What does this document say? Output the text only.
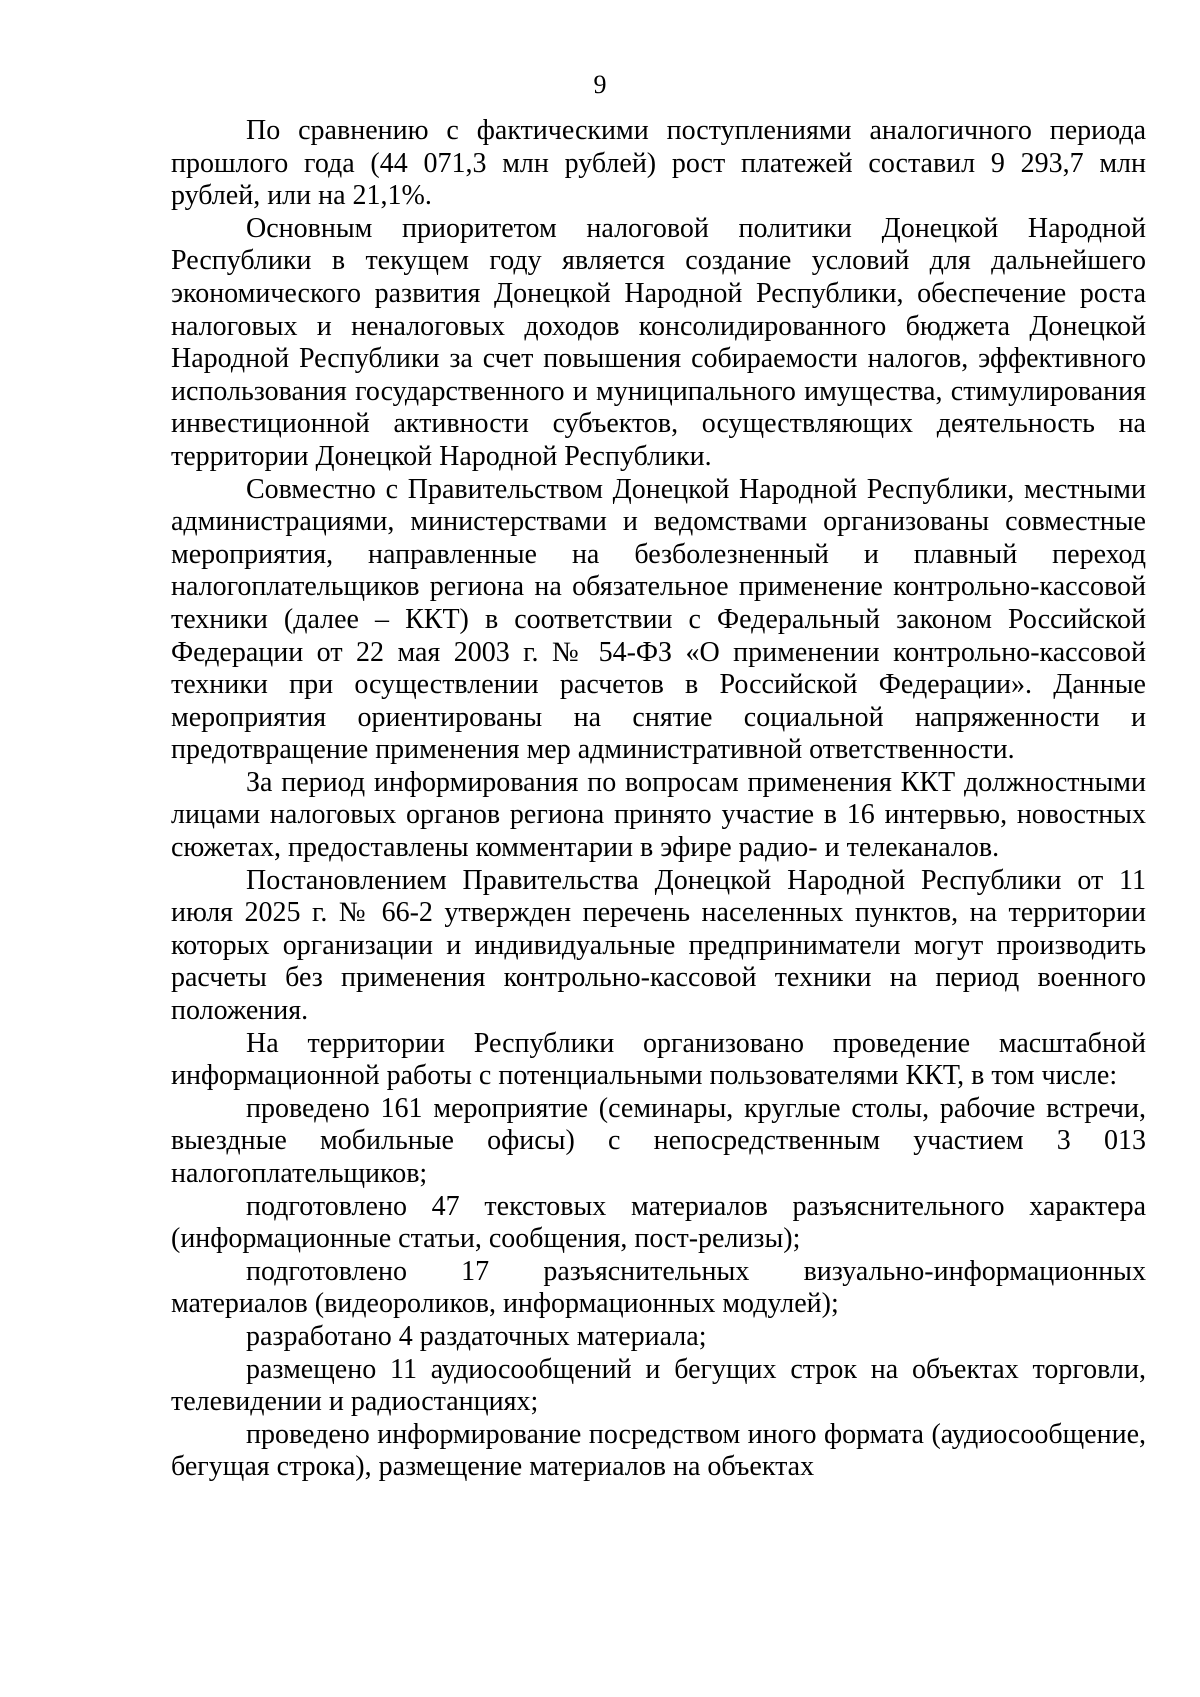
9

По сравнению с фактическими поступлениями аналогичного периода прошлого года (44 071,3 млн рублей) рост платежей составил 9 293,7 млн рублей, или на 21,1%.

Основным приоритетом налоговой политики Донецкой Народной Республики в текущем году является создание условий для дальнейшего экономического развития Донецкой Народной Республики, обеспечение роста налоговых и неналоговых доходов консолидированного бюджета Донецкой Народной Республики за счет повышения собираемости налогов, эффективного использования государственного и муниципального имущества, стимулирования инвестиционной активности субъектов, осуществляющих деятельность на территории Донецкой Народной Республики.

Совместно с Правительством Донецкой Народной Республики, местными администрациями, министерствами и ведомствами организованы совместные мероприятия, направленные на безболезненный и плавный переход налогоплательщиков региона на обязательное применение контрольно-кассовой техники (далее – ККТ) в соответствии с Федеральный законом Российской Федерации от 22 мая 2003 г. № 54-ФЗ «О применении контрольно-кассовой техники при осуществлении расчетов в Российской Федерации». Данные мероприятия ориентированы на снятие социальной напряженности и предотвращение применения мер административной ответственности.

За период информирования по вопросам применения ККТ должностными лицами налоговых органов региона принято участие в 16 интервью, новостных сюжетах, предоставлены комментарии в эфире радио- и телеканалов.

Постановлением Правительства Донецкой Народной Республики от 11 июля 2025 г. № 66-2 утвержден перечень населенных пунктов, на территории которых организации и индивидуальные предприниматели могут производить расчеты без применения контрольно-кассовой техники на период военного положения.

На территории Республики организовано проведение масштабной информационной работы с потенциальными пользователями ККТ, в том числе:

проведено 161 мероприятие (семинары, круглые столы, рабочие встречи, выездные мобильные офисы) с непосредственным участием 3 013 налогоплательщиков;

подготовлено 47 текстовых материалов разъяснительного характера (информационные статьи, сообщения, пост-релизы);

подготовлено 17 разъяснительных визуально-информационных материалов (видеороликов, информационных модулей);

разработано 4 раздаточных материала;

размещено 11 аудиосообщений и бегущих строк на объектах торговли, телевидении и радиостанциях;

проведено информирование посредством иного формата (аудиосообщение, бегущая строка), размещение материалов на объектах
